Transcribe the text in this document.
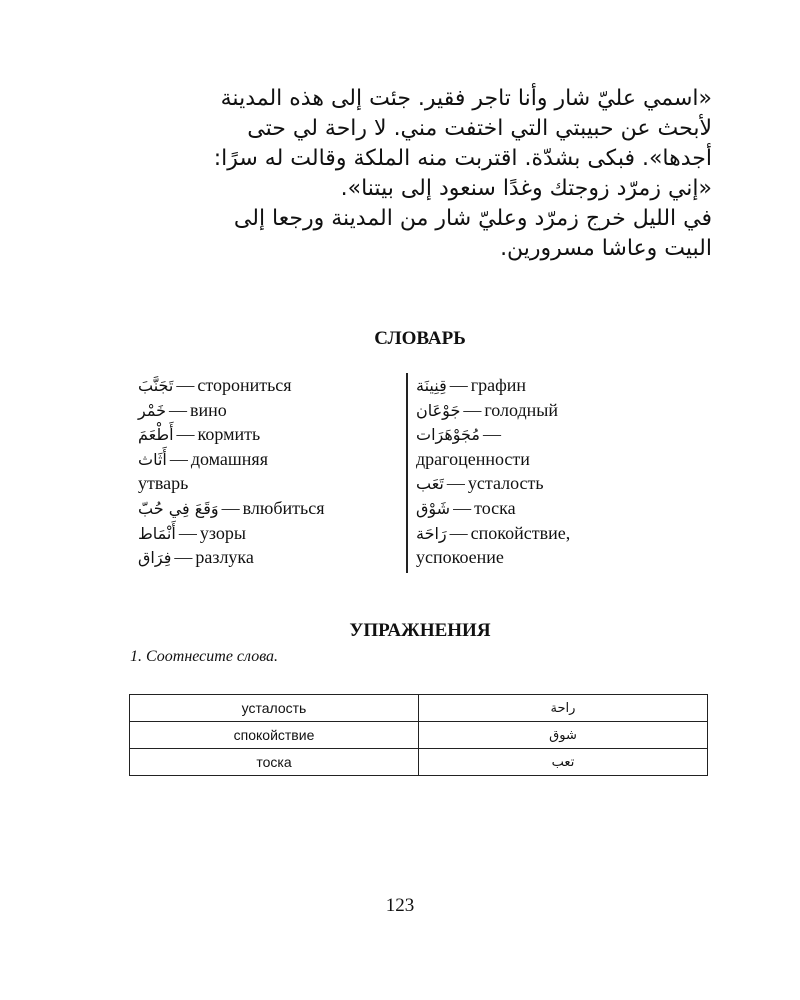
«اسمي عليّ شار وأنا تاجر فقير. جئت إلى هذه المدينة
لأبحث عن حبيبتي التي اختفت مني. لا راحة لي حتى
أجدها». فبكى بشدّة. اقتربت منه الملكة وقالت له سرًا:
«إني زمرّد زوجتك وغدًا سنعود إلى بيتنا».
في الليل خرج زمرّد وعليّ شار من المدينة ورجعا إلى
البيت وعاشا مسرورين.
СЛОВАРЬ
تَجَنَّبَ — сторониться
خَمْر — вино
أَطْعَمَ — кормить
أَثَاث — домашняя
утварь
وَقَعَ فِي حُبّ — влюбиться
أَنْمَاط — узоры
فِرَاق — разлука
قِنِينَة — графин
جَوْعَان — голодный
مُجَوْهَرَات —
драгоценности
تَعَب — усталость
شَوْق — тоска
رَاحَة — спокойствие,
успокоение
УПРАЖНЕНИЯ
1. Соотнесите слова.
усталость	راحة
спокойствие	شوق
тоска	تعب
123
